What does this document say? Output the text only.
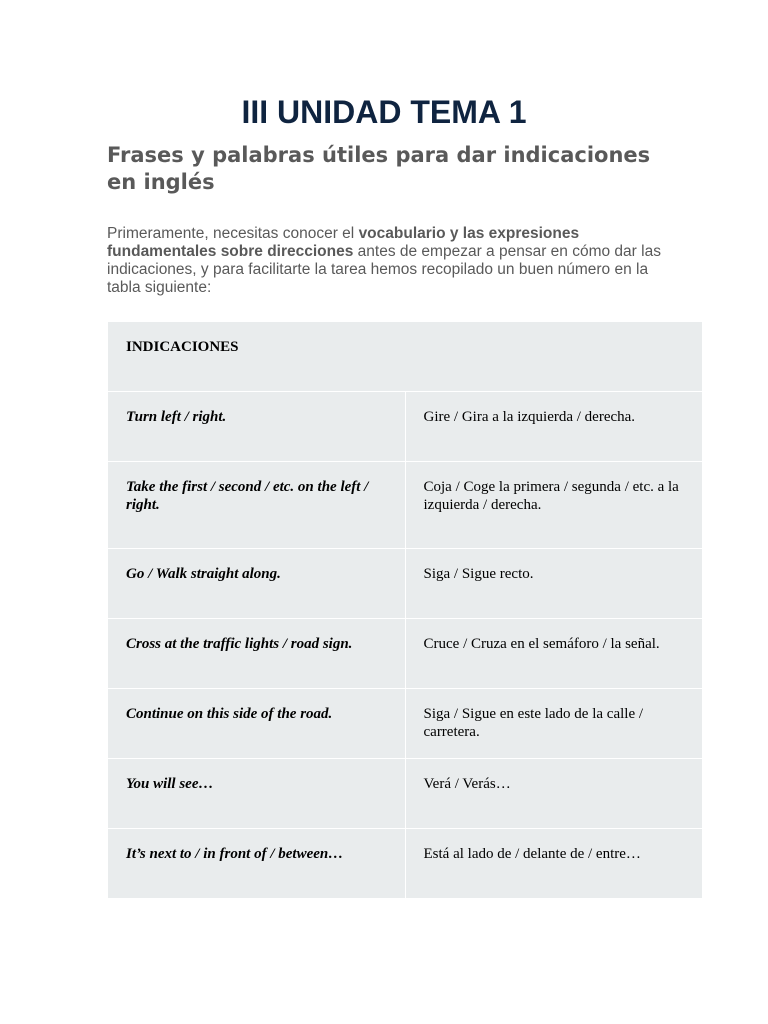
III UNIDAD TEMA 1
Frases y palabras útiles para dar indicaciones en inglés

Primeramente, necesitas conocer el vocabulario y las expresiones fundamentales sobre direcciones antes de empezar a pensar en cómo dar las indicaciones, y para facilitarte la tarea hemos recopilado un buen número en la tabla siguiente:

INDICACIONES	
Turn left / right.	Gire / Gira a la izquierda / derecha.
Take the first / second / etc. on the left / right.	Coja / Coge la primera / segunda / etc. a la izquierda / derecha.
Go / Walk straight along.	Siga / Sigue recto.
Cross at the traffic lights / road sign.	Cruce / Cruza en el semáforo / la señal.
Continue on this side of the road.	Siga / Sigue en este lado de la calle / carretera.
You will see…	Verá / Verás…
It’s next to / in front of / between…	Está al lado de / delante de / entre…
